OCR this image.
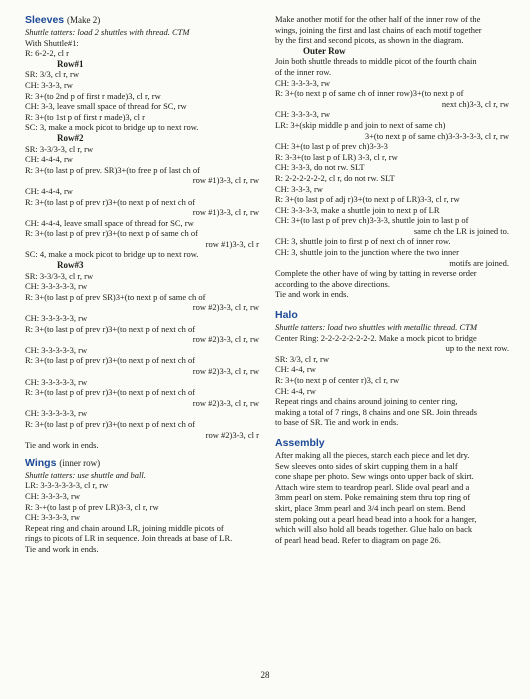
Sleeves (Make 2)
Shuttle tatters: load 2 shuttles with thread. CTM
With Shuttle#1:
R: 6-2-2, cl r
Row#1
SR: 3/3, cl r, rw
CH: 3-3-3, rw
R: 3+(to 2nd p of first r made)3, cl r, rw
CH: 3-3, leave small space of thread for SC, rw
R: 3+(to 1st p of first r made)3, cl r
SC: 3, make a mock picot to bridge up to next row.
Row#2
SR: 3-3/3-3, cl r, rw
CH: 4-4-4, rw
R: 3+(to last p of prev. SR)3+(to free p of last ch of
row #1)3-3, cl r, rw
CH: 4-4-4, rw
R: 3+(to last p of prev r)3+(to next p of next ch of
row #1)3-3, cl r, rw
CH: 4-4-4, leave small space of thread for SC, rw
R: 3+(to last p of prev r)3+(to next p of same ch of
row #1)3-3, cl r
SC: 4, make a mock picot to bridge up to next row.
Row#3
SR: 3-3/3-3, cl r, rw
CH: 3-3-3-3-3, rw
R: 3+(to last p of prev SR)3+(to next p of same ch of
row #2)3-3, cl r, rw
CH: 3-3-3-3-3, rw
R: 3+(to last p of prev r)3+(to next p of next ch of
row #2)3-3, cl r, rw
CH: 3-3-3-3-3, rw
R: 3+(to last p of prev r)3+(to next p of next ch of
row #2)3-3, cl r, rw
CH: 3-3-3-3-3, rw
R: 3+(to last p of prev r)3+(to next p of next ch of
row #2)3-3, cl r, rw
CH: 3-3-3-3-3, rw
R: 3+(to last p of prev r)3+(to next p of next ch of
row #2)3-3, cl r
Tie and work in ends.
Wings (inner row)
Shuttle tatters: use shuttle and ball.
LR: 3-3-3-3-3-3, cl r, rw
CH: 3-3-3-3, rw
R: 3-+(to last p of prev LR)3-3, cl r, rw
CH: 3-3-3-3, rw
Repeat ring and chain around LR, joining middle picots of
rings to picots of LR in sequence. Join threads at base of LR.
Tie and work in ends.
Make another motif for the other half of the inner row of the
wings, joining the first and last chains of each motif together
by the first and second picots, as shown in the diagram.
Outer Row
Join both shuttle threads to middle picot of the fourth chain
of the inner row.
CH: 3-3-3-3, rw
R: 3+(to next p of same ch of inner row)3+(to next p of
next ch)3-3, cl r, rw
CH: 3-3-3-3, rw
LR: 3+(skip middle p and join to next of same ch)
3+(to next p of same ch)3-3-3-3-3, cl r, rw
CH: 3+(to last p of prev ch)3-3-3
R: 3-3+(to last p of LR) 3-3, cl r, rw
CH: 3-3-3, do not rw. SLT
R: 2-2-2-2-2-2, cl r, do not rw. SLT
CH: 3-3-3, rw
R: 3+(to last p of adj r)3+(to next p of LR)3-3, cl r, rw
CH: 3-3-3-3, make a shuttle join to next p of LR
CH: 3+(to last p of prev ch)3-3-3, shuttle join to last p of
same ch the LR is joined to.
CH: 3, shuttle join to first p of next ch of inner row.
CH: 3, shuttle join to the junction where the two inner
motifs are joined.
Complete the other have of wing by tatting in reverse order
according to the above directions.
Tie and work in ends.
Halo
Shuttle tatters: load two shuttles with metallic thread. CTM
Center Ring: 2-2-2-2-2-2-2-2. Make a mock picot to bridge
up to the next row.
SR: 3/3, cl r, rw
CH: 4-4, rw
R: 3+(to next p of center r)3, cl r, rw
CH: 4-4, rw
Repeat rings and chains around joining to center ring,
making a total of 7 rings, 8 chains and one SR. Join threads
to base of SR. Tie and work in ends.
Assembly
After making all the pieces, starch each piece and let dry.
Sew sleeves onto sides of skirt cupping them in a half
cone shape per photo. Sew wings onto upper back of skirt.
Attach wire stem to teardrop pearl. Slide oval pearl and a
3mm pearl on stem. Poke remaining stem thru top ring of
skirt, place 3mm pearl and 3/4 inch pearl on stem. Bend
stem poking out a pearl head bead into a hook for a hanger,
which will also hold all beads together. Glue halo on back
of pearl head bead. Refer to diagram on page 26.
28
